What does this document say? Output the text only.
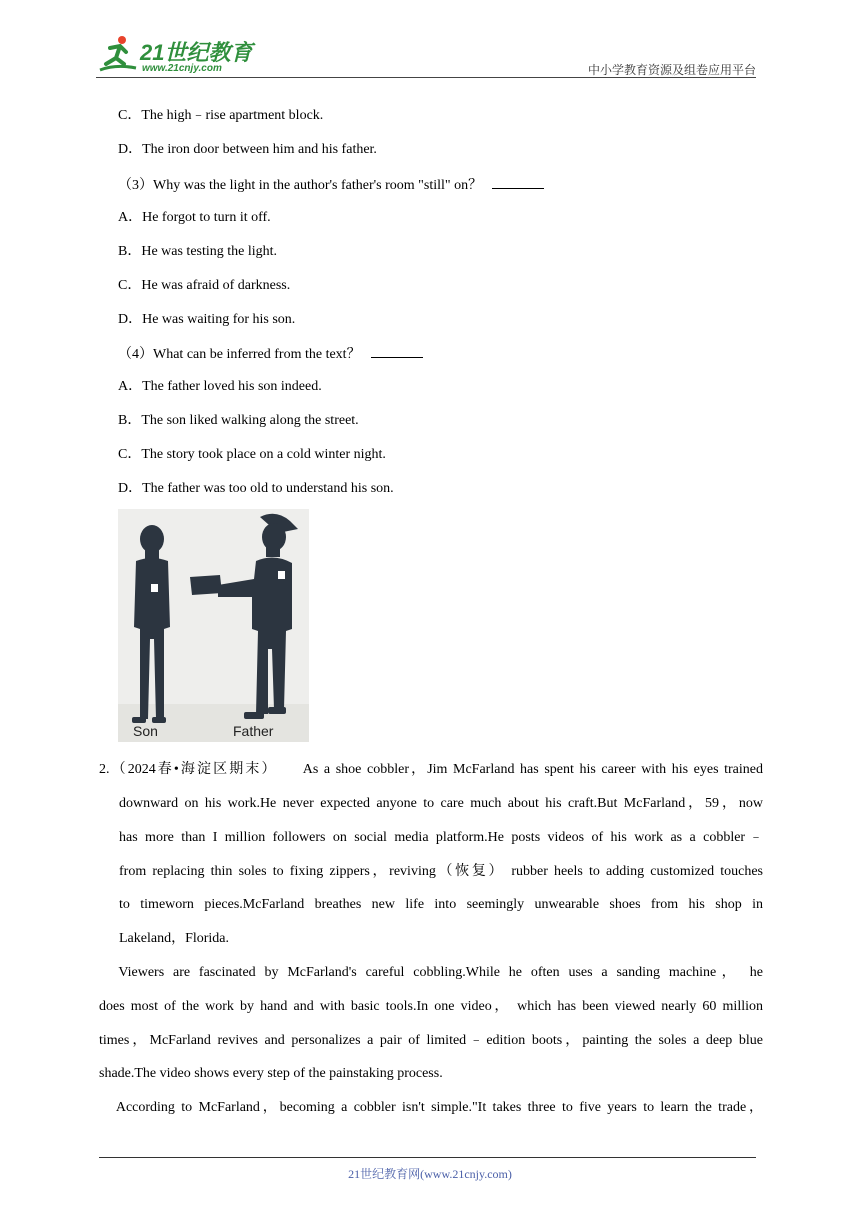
21世纪教育
www.21cnjy.com	中小学教育资源及组卷应用平台
C．The high﹣rise apartment block.
D．The iron door between him and his father.
（3）Why was the light in the author's father's room "still" on？
A．He forgot to turn it off.
B．He was testing the light.
C．He was afraid of darkness.
D．He was waiting for his son.
（4）What can be inferred from the text？
A．The father loved his son indeed.
B．The son liked walking along the street.
C．The story took place on a cold winter night.
D．The father was too old to understand his son.
Son	Father
2.（2024春•海淀区期末）　　As a shoe cobbler，Jim McFarland has spent his career with his eyes trained
downward on his work.He never expected anyone to care much about his craft.But McFarland，59，now
has more than I million followers on social media platform.He posts videos of his work as a cobbler﹣
from replacing thin soles to fixing zippers，reviving（恢复） rubber heels to adding customized touches
to timeworn pieces.McFarland breathes new life into seemingly unwearable shoes from his shop in
Lakeland，Florida.
　Viewers are fascinated by McFarland's careful cobbling.While he often uses a sanding machine， he
does most of the work by hand and with basic tools.In one video， which has been viewed nearly 60 million
times，McFarland revives and personalizes a pair of limited﹣edition boots，painting the soles a deep blue
shade.The video shows every step of the painstaking process.
　According to McFarland，becoming a cobbler isn't simple."It takes three to five years to learn the trade，
21世纪教育网(www.21cnjy.com)
